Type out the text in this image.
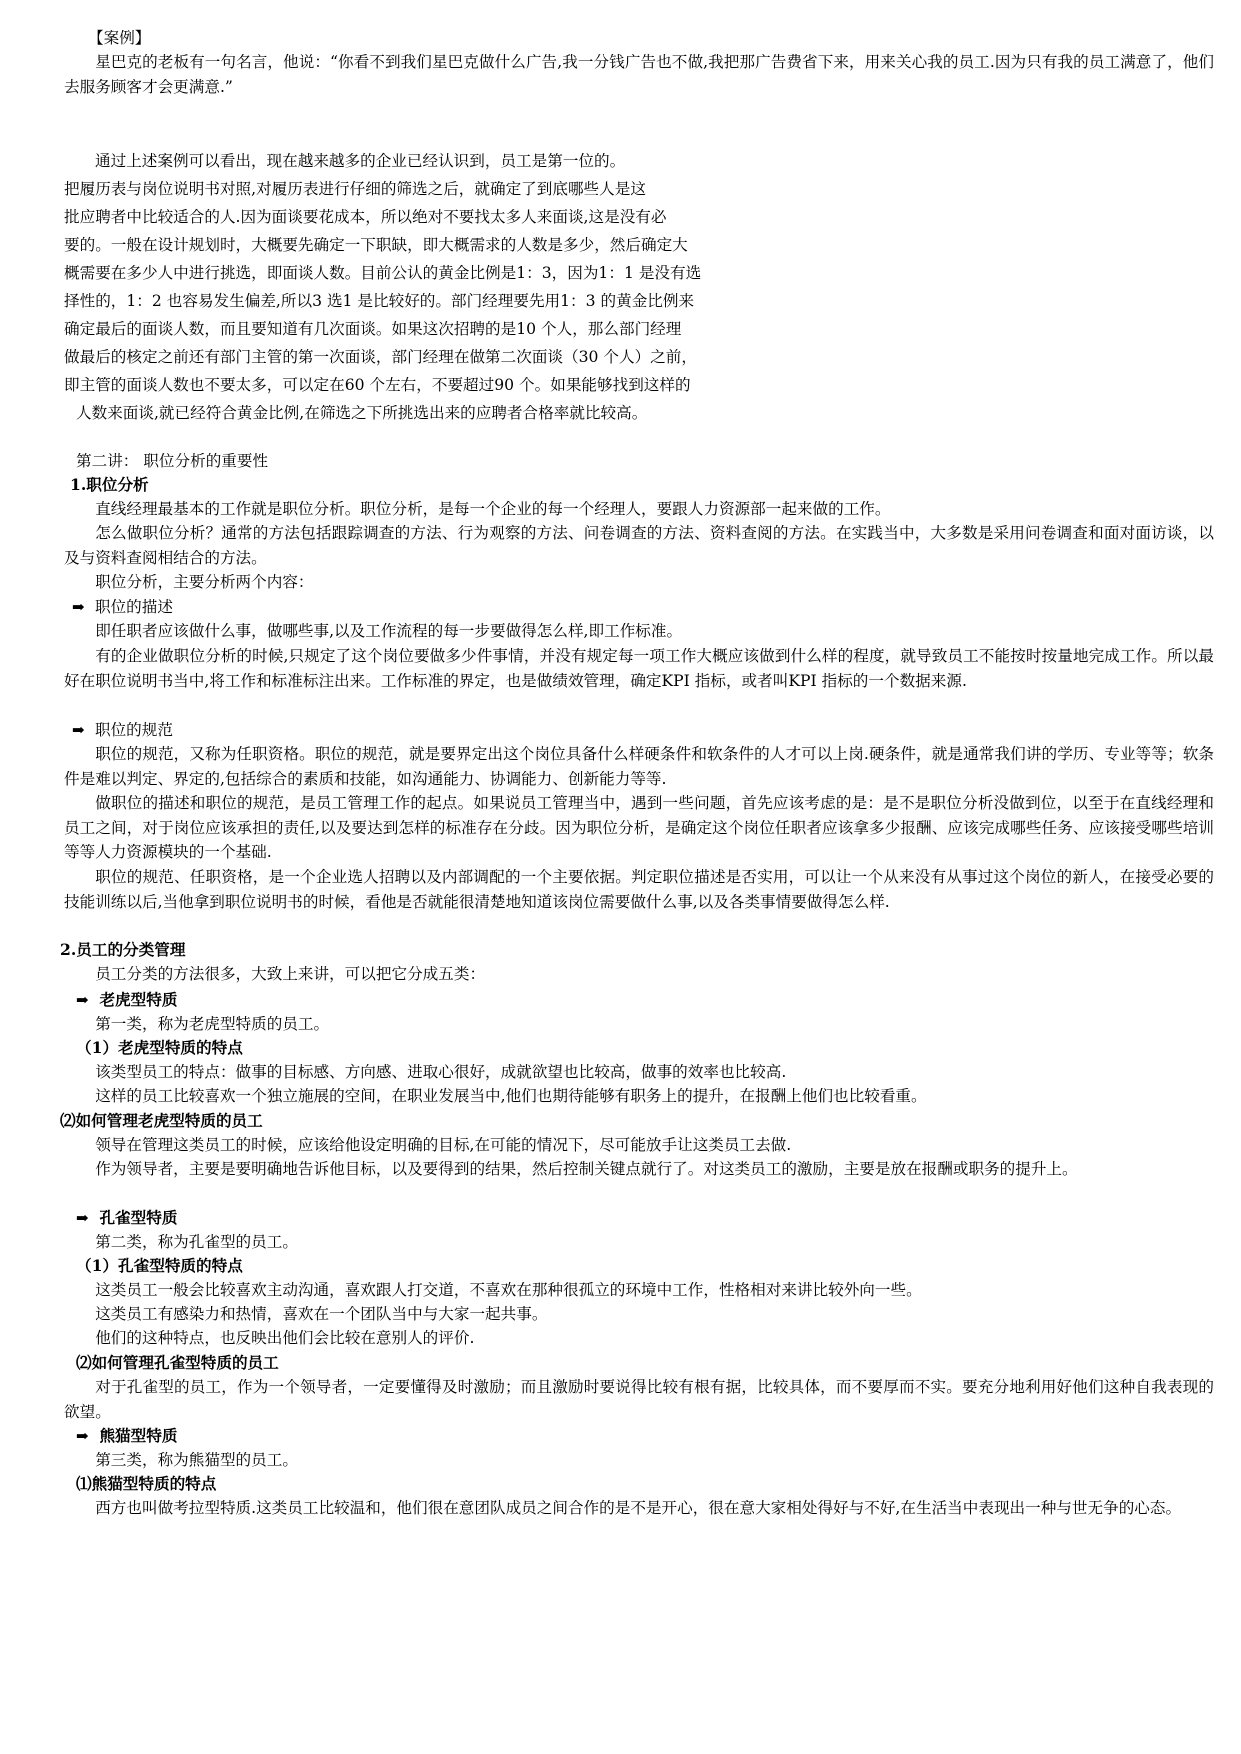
【案例】
星巴克的老板有一句名言，他说：“你看不到我们星巴克做什么广告,我一分钱广告也不做,我把那广告费省下来，用来关心我的员工.因为只有我的员工满意了，他们去服务顾客才会更满意.”
通过上述案例可以看出，现在越来越多的企业已经认识到，员工是第一位的。
把履历表与岗位说明书对照,对履历表进行仔细的筛选之后，就确定了到底哪些人是这
批应聘者中比较适合的人.因为面谈要花成本，所以绝对不要找太多人来面谈,这是没有必
要的。一般在设计规划时，大概要先确定一下职缺，即大概需求的人数是多少，然后确定大
概需要在多少人中进行挑选，即面谈人数。目前公认的黄金比例是1：3，因为1：1 是没有选
择性的，1：2 也容易发生偏差,所以3 选1 是比较好的。部门经理要先用1：3 的黄金比例来
确定最后的面谈人数，而且要知道有几次面谈。如果这次招聘的是10 个人，那么部门经理
做最后的核定之前还有部门主管的第一次面谈，部门经理在做第二次面谈（30 个人）之前，
即主管的面谈人数也不要太多，可以定在60 个左右，不要超过90 个。如果能够找到这样的
人数来面谈,就已经符合黄金比例,在筛选之下所挑选出来的应聘者合格率就比较高。
第二讲： 职位分析的重要性
1.职位分析
直线经理最基本的工作就是职位分析。职位分析，是每一个企业的每一个经理人，要跟人力资源部一起来做的工作。
怎么做职位分析？通常的方法包括跟踪调查的方法、行为观察的方法、问卷调查的方法、资料查阅的方法。在实践当中，大多数是采用问卷调查和面对面访谈，以及与资料查阅相结合的方法。
职位分析，主要分析两个内容：
➡ 职位的描述
即任职者应该做什么事，做哪些事,以及工作流程的每一步要做得怎么样,即工作标准。
有的企业做职位分析的时候,只规定了这个岗位要做多少件事情，并没有规定每一项工作大概应该做到什么样的程度，就导致员工不能按时按量地完成工作。所以最好在职位说明书当中,将工作和标准标注出来。工作标准的界定，也是做绩效管理，确定KPI 指标，或者叫KPI 指标的一个数据来源.
➡ 职位的规范
职位的规范，又称为任职资格。职位的规范，就是要界定出这个岗位具备什么样硬条件和软条件的人才可以上岗.硬条件，就是通常我们讲的学历、专业等等；软条件是难以判定、界定的,包括综合的素质和技能，如沟通能力、协调能力、创新能力等等.
做职位的描述和职位的规范，是员工管理工作的起点。如果说员工管理当中，遇到一些问题，首先应该考虑的是：是不是职位分析没做到位，以至于在直线经理和员工之间，对于岗位应该承担的责任,以及要达到怎样的标准存在分歧。因为职位分析，是确定这个岗位任职者应该拿多少报酬、应该完成哪些任务、应该接受哪些培训等等人力资源模块的一个基础.
职位的规范、任职资格，是一个企业选人招聘以及内部调配的一个主要依据。判定职位描述是否实用，可以让一个从来没有从事过这个岗位的新人，在接受必要的技能训练以后,当他拿到职位说明书的时候，看他是否就能很清楚地知道该岗位需要做什么事,以及各类事情要做得怎么样.
2.员工的分类管理
员工分类的方法很多，大致上来讲，可以把它分成五类：
➡ 老虎型特质
第一类，称为老虎型特质的员工。
（1）老虎型特质的特点
该类型员工的特点：做事的目标感、方向感、进取心很好，成就欲望也比较高，做事的效率也比较高.
这样的员工比较喜欢一个独立施展的空间，在职业发展当中,他们也期待能够有职务上的提升，在报酬上他们也比较看重。
⑵如何管理老虎型特质的员工
领导在管理这类员工的时候，应该给他设定明确的目标,在可能的情况下，尽可能放手让这类员工去做.
作为领导者，主要是要明确地告诉他目标，以及要得到的结果，然后控制关键点就行了。对这类员工的激励，主要是放在报酬或职务的提升上。
➡ 孔雀型特质
第二类，称为孔雀型的员工。
（1）孔雀型特质的特点
这类员工一般会比较喜欢主动沟通，喜欢跟人打交道，不喜欢在那种很孤立的环境中工作，性格相对来讲比较外向一些。
这类员工有感染力和热情，喜欢在一个团队当中与大家一起共事。
他们的这种特点，也反映出他们会比较在意别人的评价.
⑵如何管理孔雀型特质的员工
对于孔雀型的员工，作为一个领导者，一定要懂得及时激励；而且激励时要说得比较有根有据，比较具体，而不要厚而不实。要充分地利用好他们这种自我表现的欲望。
➡ 熊猫型特质
第三类，称为熊猫型的员工。
⑴熊猫型特质的特点
西方也叫做考拉型特质.这类员工比较温和，他们很在意团队成员之间合作的是不是开心，很在意大家相处得好与不好,在生活当中表现出一种与世无争的心态。
